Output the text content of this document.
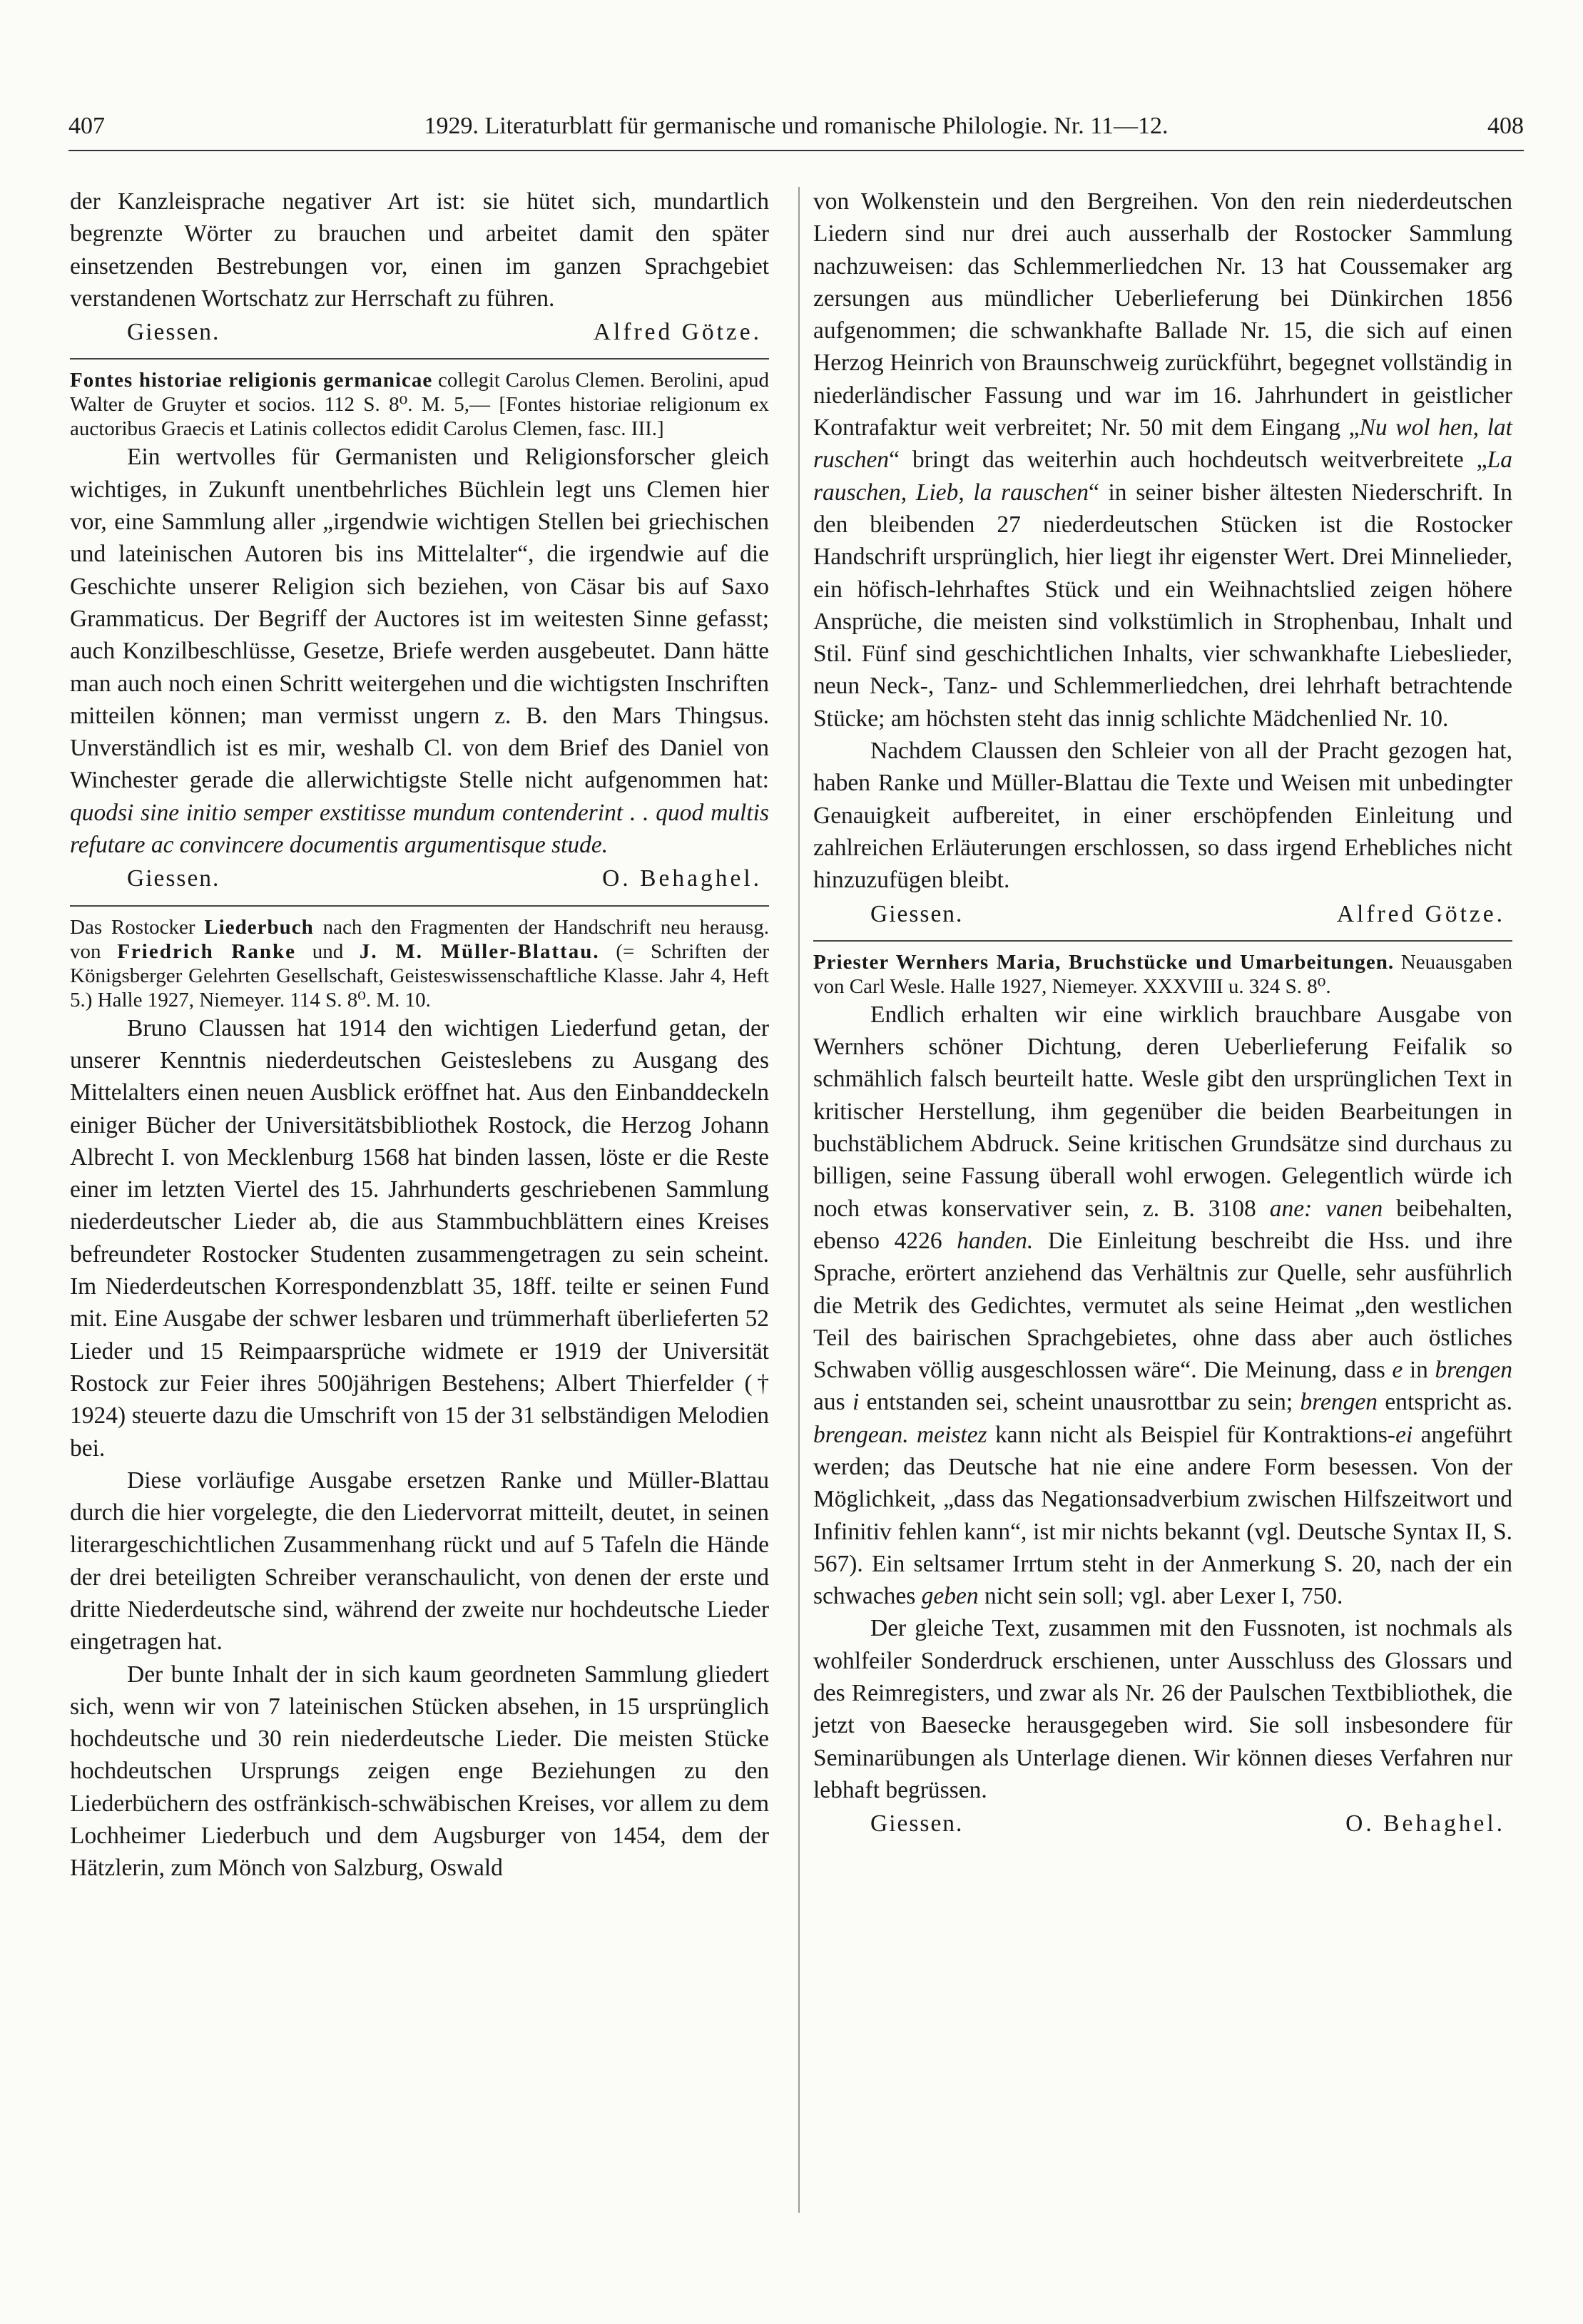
407	1929. Literaturblatt für germanische und romanische Philologie. Nr. 11—12.	408

der Kanzleisprache negativer Art ist: sie hütet sich, mundartlich begrenzte Wörter zu brauchen und arbeitet damit den später einsetzenden Bestrebungen vor, einen im ganzen Sprachgebiet verstandenen Wortschatz zur Herrschaft zu führen.

Giessen.	Alfred Götze.

Fontes historiae religionis germanicae collegit Carolus Clemen. Berolini, apud Walter de Gruyter et socios. 112 S. 8⁰. M. 5,— [Fontes historiae religionum ex auctoribus Graecis et Latinis collectos edidit Carolus Clemen, fasc. III.]

Ein wertvolles für Germanisten und Religionsforscher gleich wichtiges, in Zukunft unentbehrliches Büchlein legt uns Clemen hier vor, eine Sammlung aller „irgendwie wichtigen Stellen bei griechischen und lateinischen Autoren bis ins Mittelalter“, die irgendwie auf die Geschichte unserer Religion sich beziehen, von Cäsar bis auf Saxo Grammaticus. Der Begriff der Auctores ist im weitesten Sinne gefasst; auch Konzilbeschlüsse, Gesetze, Briefe werden ausgebeutet. Dann hätte man auch noch einen Schritt weitergehen und die wichtigsten Inschriften mitteilen können; man vermisst ungern z. B. den Mars Thingsus. Unverständlich ist es mir, weshalb Cl. von dem Brief des Daniel von Winchester gerade die allerwichtigste Stelle nicht aufgenommen hat: quodsi sine initio semper exstitisse mundum contenderint . . quod multis refutare ac convincere documentis argumentisque stude.

Giessen.	O. Behaghel.

Das Rostocker Liederbuch nach den Fragmenten der Handschrift neu herausg. von Friedrich Ranke und J. M. Müller-Blattau. (= Schriften der Königsberger Gelehrten Gesellschaft, Geisteswissenschaftliche Klasse. Jahr 4, Heft 5.) Halle 1927, Niemeyer. 114 S. 8⁰. M. 10.

Bruno Claussen hat 1914 den wichtigen Liederfund getan, der unserer Kenntnis niederdeutschen Geisteslebens zu Ausgang des Mittelalters einen neuen Ausblick eröffnet hat. Aus den Einbanddeckeln einiger Bücher der Universitätsbibliothek Rostock, die Herzog Johann Albrecht I. von Mecklenburg 1568 hat binden lassen, löste er die Reste einer im letzten Viertel des 15. Jahrhunderts geschriebenen Sammlung niederdeutscher Lieder ab, die aus Stammbuchblättern eines Kreises befreundeter Rostocker Studenten zusammengetragen zu sein scheint. Im Niederdeutschen Korrespondenzblatt 35, 18ff. teilte er seinen Fund mit. Eine Ausgabe der schwer lesbaren und trümmerhaft überlieferten 52 Lieder und 15 Reimpaarsprüche widmete er 1919 der Universität Rostock zur Feier ihres 500jährigen Bestehens; Albert Thierfelder († 1924) steuerte dazu die Umschrift von 15 der 31 selbständigen Melodien bei.

Diese vorläufige Ausgabe ersetzen Ranke und Müller-Blattau durch die hier vorgelegte, die den Liedervorrat mitteilt, deutet, in seinen literargeschichtlichen Zusammenhang rückt und auf 5 Tafeln die Hände der drei beteiligten Schreiber veranschaulicht, von denen der erste und dritte Niederdeutsche sind, während der zweite nur hochdeutsche Lieder eingetragen hat.

Der bunte Inhalt der in sich kaum geordneten Sammlung gliedert sich, wenn wir von 7 lateinischen Stücken absehen, in 15 ursprünglich hochdeutsche und 30 rein niederdeutsche Lieder. Die meisten Stücke hochdeutschen Ursprungs zeigen enge Beziehungen zu den Liederbüchern des ostfränkisch-schwäbischen Kreises, vor allem zu dem Lochheimer Liederbuch und dem Augsburger von 1454, dem der Hätzlerin, zum Mönch von Salzburg, Oswald

von Wolkenstein und den Bergreihen. Von den rein niederdeutschen Liedern sind nur drei auch ausserhalb der Rostocker Sammlung nachzuweisen: das Schlemmerliedchen Nr. 13 hat Coussemaker arg zersungen aus mündlicher Ueberlieferung bei Dünkirchen 1856 aufgenommen; die schwankhafte Ballade Nr. 15, die sich auf einen Herzog Heinrich von Braunschweig zurückführt, begegnet vollständig in niederländischer Fassung und war im 16. Jahrhundert in geistlicher Kontrafaktur weit verbreitet; Nr. 50 mit dem Eingang „Nu wol hen, lat ruschen“ bringt das weiterhin auch hochdeutsch weitverbreitete „La rauschen, Lieb, la rauschen“ in seiner bisher ältesten Niederschrift. In den bleibenden 27 niederdeutschen Stücken ist die Rostocker Handschrift ursprünglich, hier liegt ihr eigenster Wert. Drei Minnelieder, ein höfisch-lehrhaftes Stück und ein Weihnachtslied zeigen höhere Ansprüche, die meisten sind volkstümlich in Strophenbau, Inhalt und Stil. Fünf sind geschichtlichen Inhalts, vier schwankhafte Liebeslieder, neun Neck-, Tanz- und Schlemmerliedchen, drei lehrhaft betrachtende Stücke; am höchsten steht das innig schlichte Mädchenlied Nr. 10.

Nachdem Claussen den Schleier von all der Pracht gezogen hat, haben Ranke und Müller-Blattau die Texte und Weisen mit unbedingter Genauigkeit aufbereitet, in einer erschöpfenden Einleitung und zahlreichen Erläuterungen erschlossen, so dass irgend Erhebliches nicht hinzuzufügen bleibt.

Giessen.	Alfred Götze.

Priester Wernhers Maria, Bruchstücke und Umarbeitungen. Neuausgaben von Carl Wesle. Halle 1927, Niemeyer. XXXVIII u. 324 S. 8⁰.

Endlich erhalten wir eine wirklich brauchbare Ausgabe von Wernhers schöner Dichtung, deren Ueberlieferung Feifalik so schmählich falsch beurteilt hatte. Wesle gibt den ursprünglichen Text in kritischer Herstellung, ihm gegenüber die beiden Bearbeitungen in buchstäblichem Abdruck. Seine kritischen Grundsätze sind durchaus zu billigen, seine Fassung überall wohl erwogen. Gelegentlich würde ich noch etwas konservativer sein, z. B. 3108 ane: vanen beibehalten, ebenso 4226 handen. Die Einleitung beschreibt die Hss. und ihre Sprache, erörtert anziehend das Verhältnis zur Quelle, sehr ausführlich die Metrik des Gedichtes, vermutet als seine Heimat „den westlichen Teil des bairischen Sprachgebietes, ohne dass aber auch östliches Schwaben völlig ausgeschlossen wäre“. Die Meinung, dass e in brengen aus i entstanden sei, scheint unausrottbar zu sein; brengen entspricht as. brengean. meistez kann nicht als Beispiel für Kontraktions-ei angeführt werden; das Deutsche hat nie eine andere Form besessen. Von der Möglichkeit, „dass das Negationsadverbium zwischen Hilfszeitwort und Infinitiv fehlen kann“, ist mir nichts bekannt (vgl. Deutsche Syntax II, S. 567). Ein seltsamer Irrtum steht in der Anmerkung S. 20, nach der ein schwaches geben nicht sein soll; vgl. aber Lexer I, 750.

Der gleiche Text, zusammen mit den Fussnoten, ist nochmals als wohlfeiler Sonderdruck erschienen, unter Ausschluss des Glossars und des Reimregisters, und zwar als Nr. 26 der Paulschen Textbibliothek, die jetzt von Baesecke herausgegeben wird. Sie soll insbesondere für Seminarübungen als Unterlage dienen. Wir können dieses Verfahren nur lebhaft begrüssen.

Giessen.	O. Behaghel.
